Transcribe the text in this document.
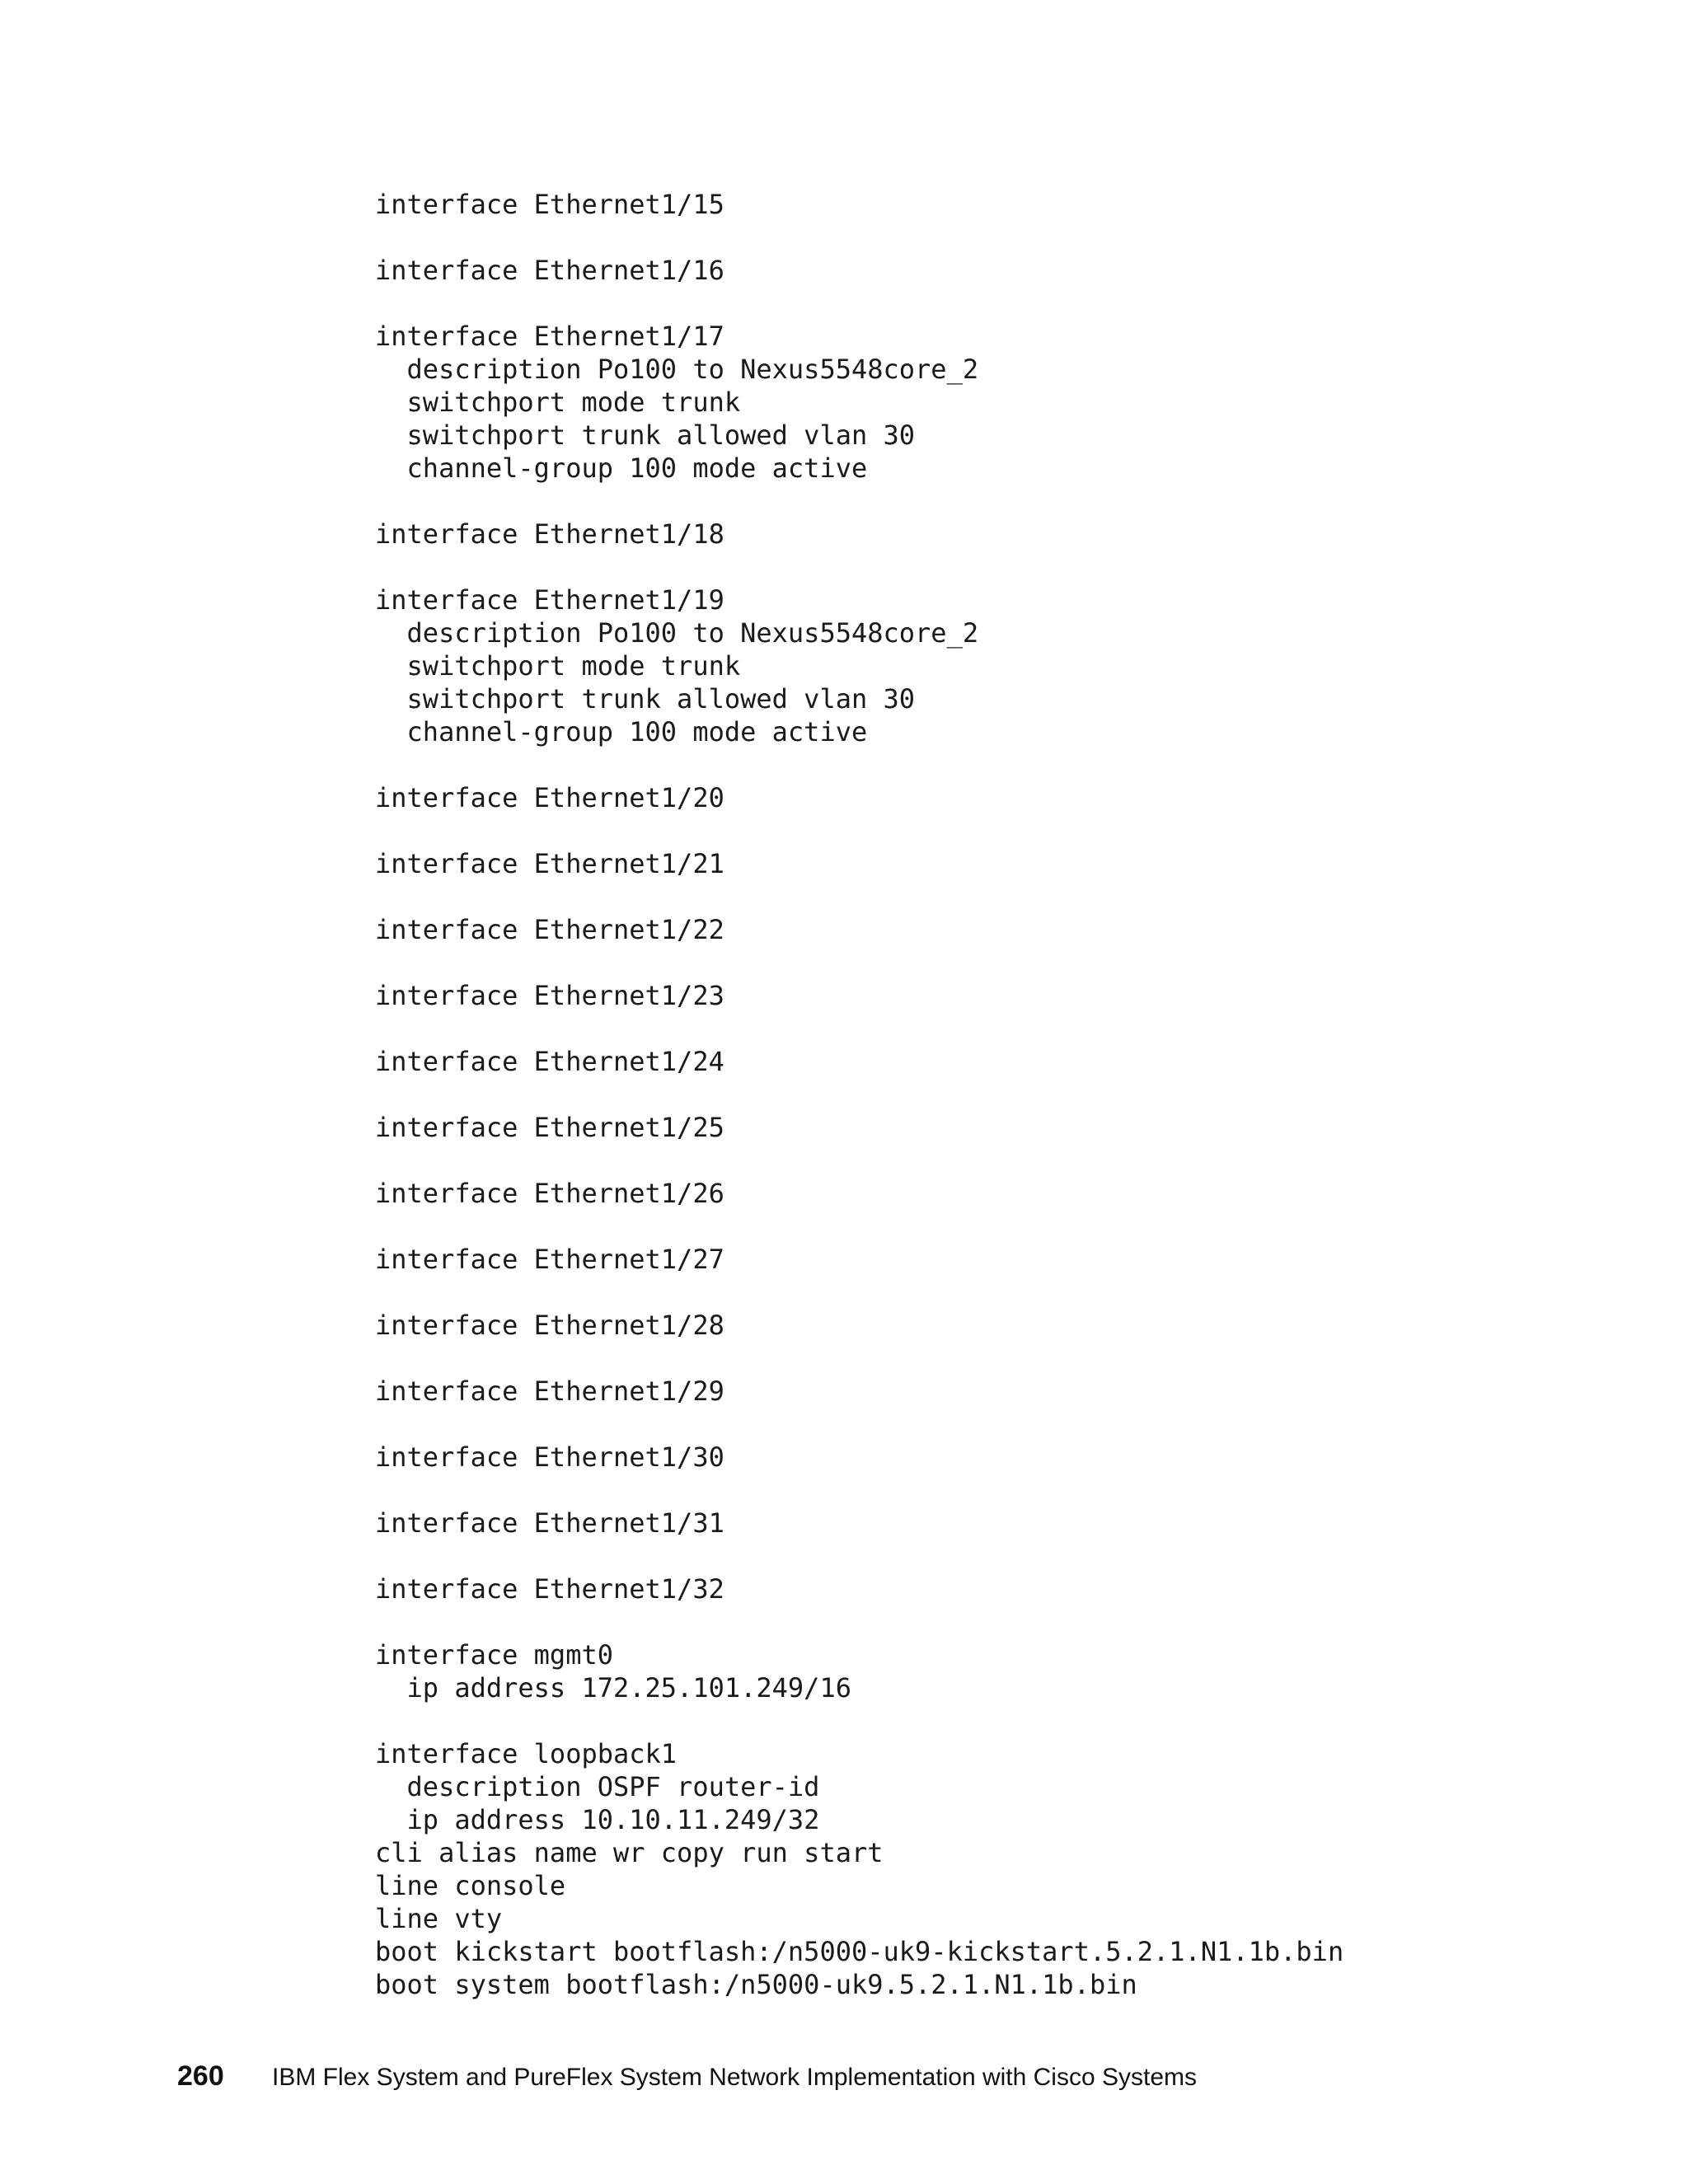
interface Ethernet1/15
interface Ethernet1/16
interface Ethernet1/17
description Po100 to Nexus5548core_2
switchport mode trunk
switchport trunk allowed vlan 30
channel-group 100 mode active
interface Ethernet1/18
interface Ethernet1/19
description Po100 to Nexus5548core_2
switchport mode trunk
switchport trunk allowed vlan 30
channel-group 100 mode active
interface Ethernet1/20
interface Ethernet1/21
interface Ethernet1/22
interface Ethernet1/23
interface Ethernet1/24
interface Ethernet1/25
interface Ethernet1/26
interface Ethernet1/27
interface Ethernet1/28
interface Ethernet1/29
interface Ethernet1/30
interface Ethernet1/31
interface Ethernet1/32
interface mgmt0
ip address 172.25.101.249/16
interface loopback1
description OSPF router-id
ip address 10.10.11.249/32
cli alias name wr copy run start
line console
line vty
boot kickstart bootflash:/n5000-uk9-kickstart.5.2.1.N1.1b.bin
boot system bootflash:/n5000-uk9.5.2.1.N1.1b.bin
260 IBM Flex System and PureFlex System Network Implementation with Cisco Systems
